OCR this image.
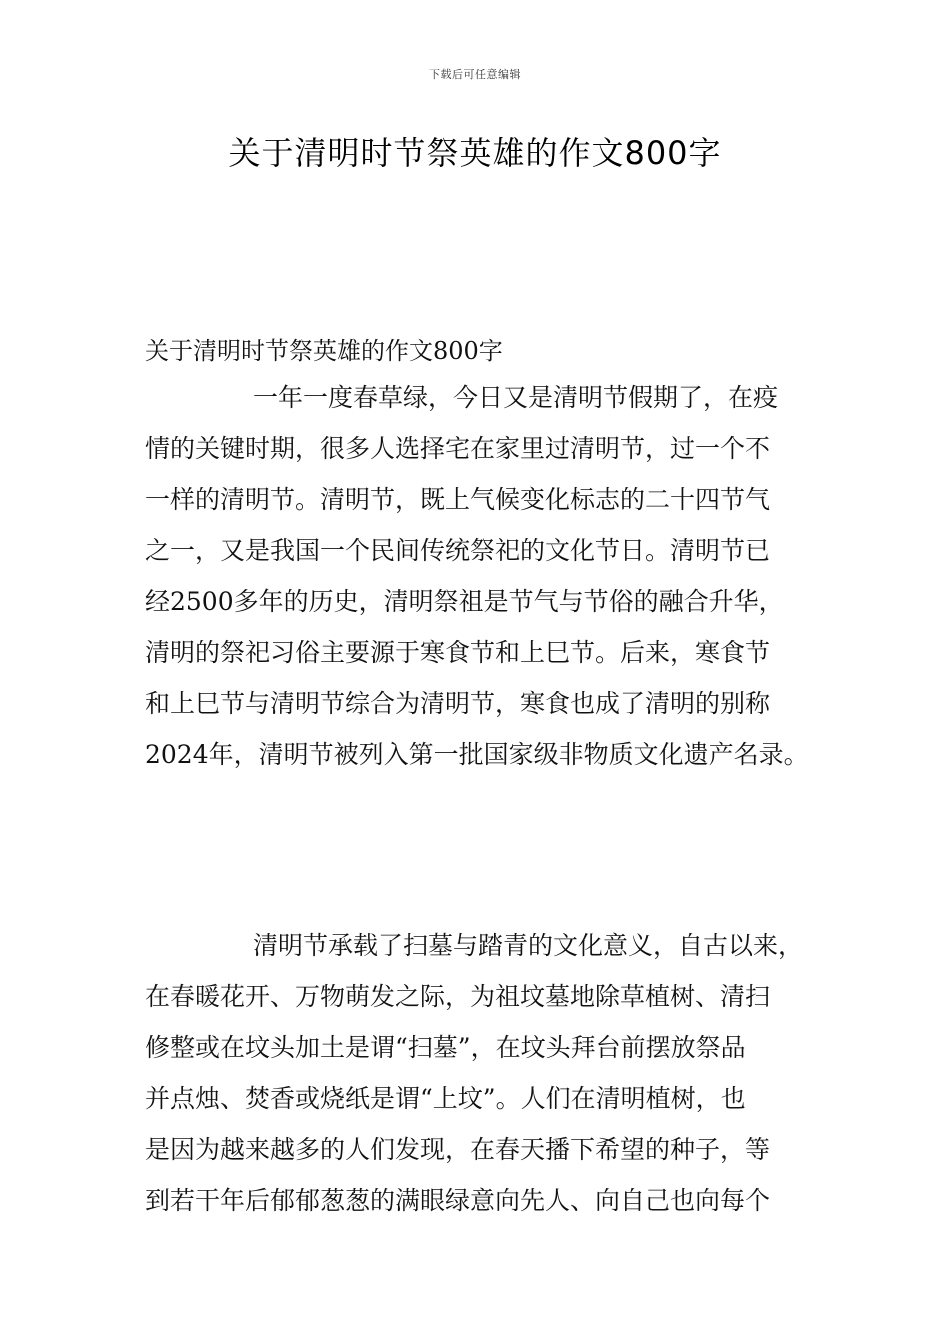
下载后可任意编辑
关于清明时节祭英雄的作文800字

关于清明时节祭英雄的作文800字

一年一度春草绿，今日又是清明节假期了，在疫
情的关键时期，很多人选择宅在家里过清明节，过一个不
一样的清明节。清明节，既上气候变化标志的二十四节气
之一，又是我国一个民间传统祭祀的文化节日。清明节已
经2500多年的历史，清明祭祖是节气与节俗的融合升华，
清明的祭祀习俗主要源于寒食节和上巳节。后来，寒食节
和上巳节与清明节综合为清明节，寒食也成了清明的别称
2024年，清明节被列入第一批国家级非物质文化遗产名录。
清明节承载了扫墓与踏青的文化意义，自古以来，
在春暖花开、万物萌发之际，为祖坟墓地除草植树、清扫
修整或在坟头加土是谓“扫墓”，在坟头拜台前摆放祭品
并点烛、焚香或烧纸是谓“上坟”。人们在清明植树，也
是因为越来越多的人们发现，在春天播下希望的种子，等
到若干年后郁郁葱葱的满眼绿意向先人、向自己也向每个
